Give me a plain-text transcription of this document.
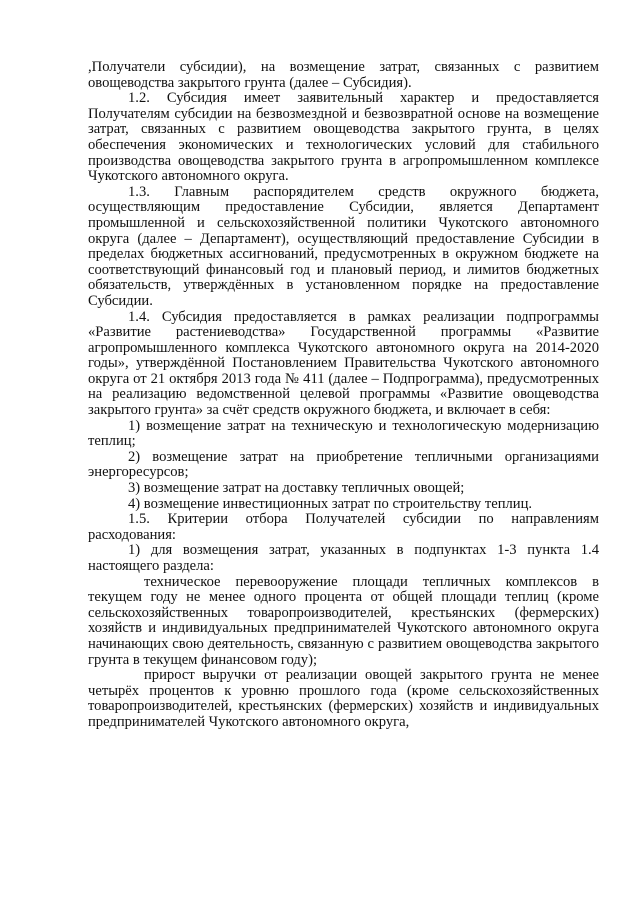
,Получатели субсидии), на возмещение затрат, связанных с развитием овощеводства закрытого грунта (далее – Субсидия).

1.2. Субсидия имеет заявительный характер и предоставляется Получателям субсидии на безвозмездной и безвозвратной основе на возмещение затрат, связанных с развитием овощеводства закрытого грунта, в целях обеспечения экономических и технологических условий для стабильного производства овощеводства закрытого грунта в агропромышленном комплексе Чукотского автономного округа.

1.3. Главным распорядителем средств окружного бюджета, осуществляющим предоставление Субсидии, является Департамент промышленной и сельскохозяйственной политики Чукотского автономного округа (далее – Департамент), осуществляющий предоставление Субсидии в пределах бюджетных ассигнований, предусмотренных в окружном бюджете на соответствующий финансовый год и плановый период, и лимитов бюджетных обязательств, утверждённых в установленном порядке на предоставление Субсидии.

1.4. Субсидия предоставляется в рамках реализации подпрограммы «Развитие растениеводства» Государственной программы «Развитие агропромышленного комплекса Чукотского автономного округа на 2014-2020 годы», утверждённой Постановлением Правительства Чукотского автономного округа от 21 октября 2013 года № 411 (далее – Подпрограмма), предусмотренных на реализацию ведомственной целевой программы «Развитие овощеводства закрытого грунта» за счёт средств окружного бюджета, и включает в себя:

1) возмещение затрат на техническую и технологическую модернизацию теплиц;

2) возмещение затрат на приобретение тепличными организациями энергоресурсов;

3) возмещение затрат на доставку тепличных овощей;

4) возмещение инвестиционных затрат по строительству теплиц.

1.5. Критерии отбора Получателей субсидии по направлениям расходования:

1) для возмещения затрат, указанных в подпунктах 1-3 пункта 1.4 настоящего раздела:

техническое перевооружение площади тепличных комплексов в текущем году не менее одного процента от общей площади теплиц (кроме сельскохозяйственных товаропроизводителей, крестьянских (фермерских) хозяйств и индивидуальных предпринимателей Чукотского автономного округа начинающих свою деятельность, связанную с развитием овощеводства закрытого грунта в текущем финансовом году);

прирост выручки от реализации овощей закрытого грунта не менее четырёх процентов к уровню прошлого года (кроме сельскохозяйственных товаропроизводителей, крестьянских (фермерских) хозяйств и индивидуальных предпринимателей Чукотского автономного округа,
